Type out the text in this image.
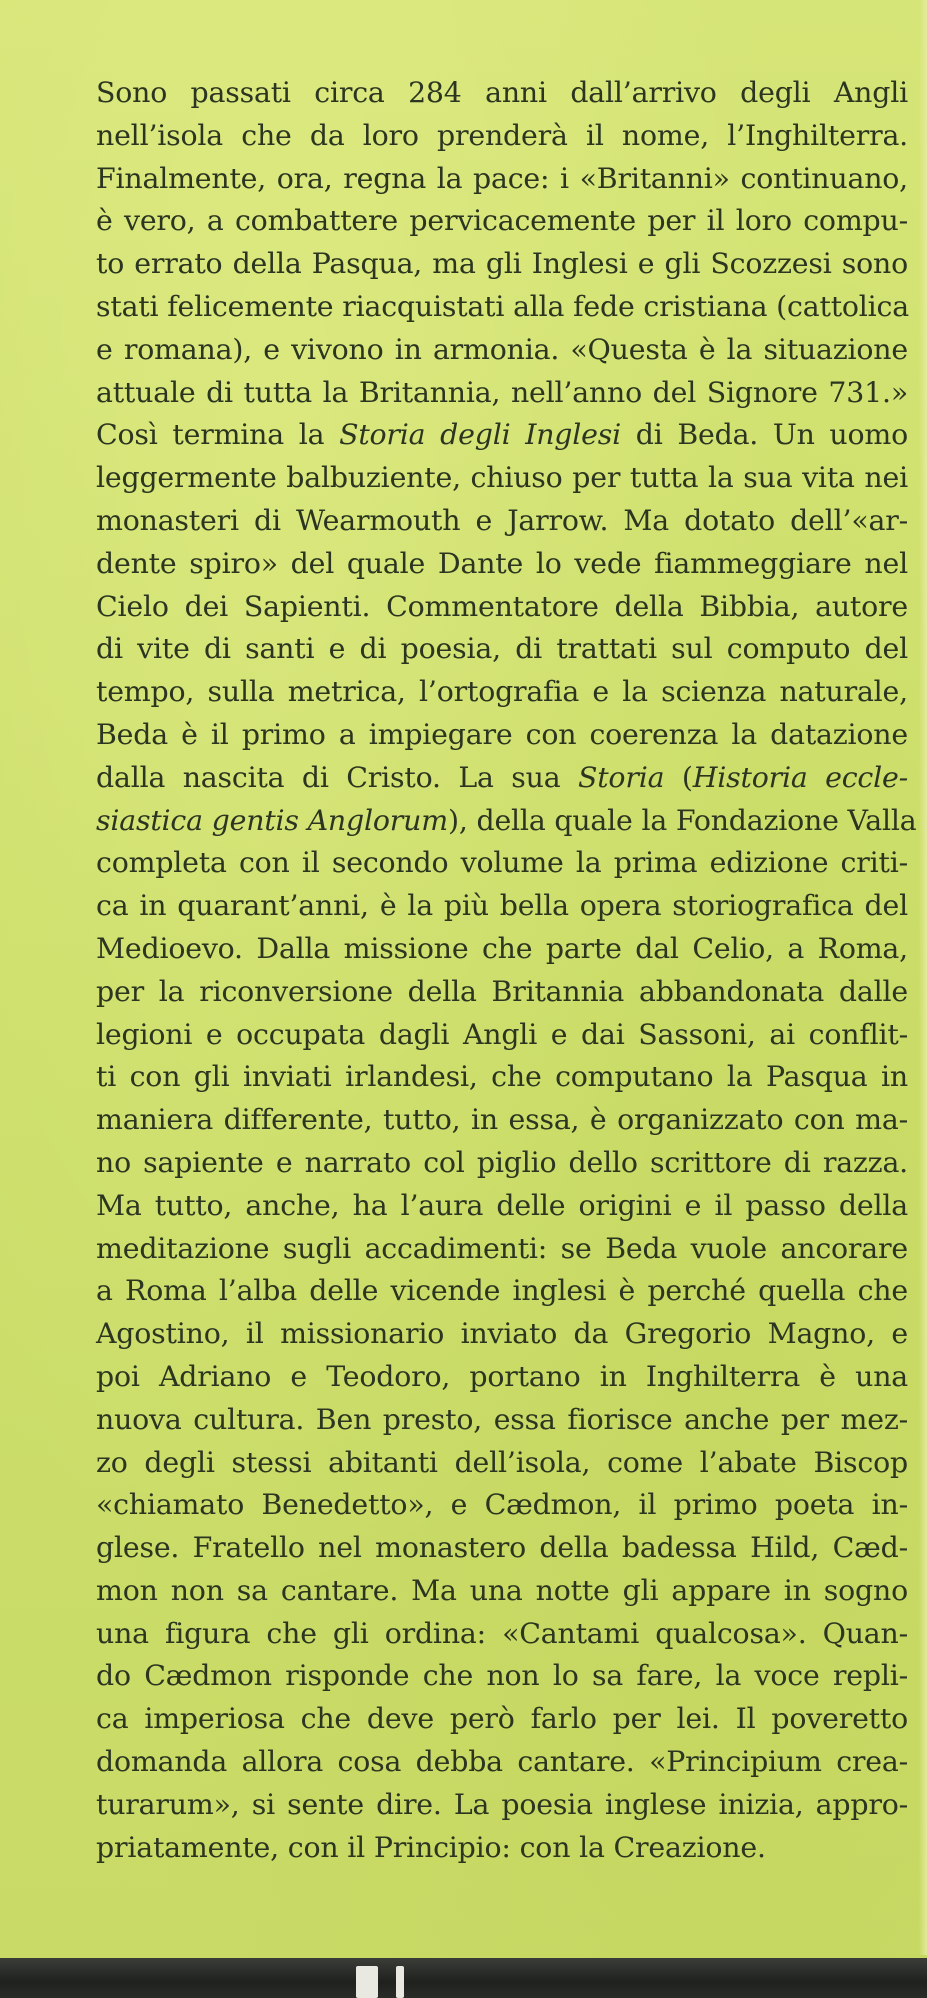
Sono passati circa 284 anni dall’arrivo degli Angli
nell’isola che da loro prenderà il nome, l’Inghilterra.
Finalmente, ora, regna la pace: i «Britanni» continuano,
è vero, a combattere pervicacemente per il loro compu-
to errato della Pasqua, ma gli Inglesi e gli Scozzesi sono
stati felicemente riacquistati alla fede cristiana (cattolica
e romana), e vivono in armonia. «Questa è la situazione
attuale di tutta la Britannia, nell’anno del Signore 731.»
Così termina la Storia degli Inglesi di Beda. Un uomo
leggermente balbuziente, chiuso per tutta la sua vita nei
monasteri di Wearmouth e Jarrow. Ma dotato dell’«ar-
dente spiro» del quale Dante lo vede fiammeggiare nel
Cielo dei Sapienti. Commentatore della Bibbia, autore
di vite di santi e di poesia, di trattati sul computo del
tempo, sulla metrica, l’ortografia e la scienza naturale,
Beda è il primo a impiegare con coerenza la datazione
dalla nascita di Cristo. La sua Storia (Historia eccle-
siastica gentis Anglorum), della quale la Fondazione Valla
completa con il secondo volume la prima edizione criti-
ca in quarant’anni, è la più bella opera storiografica del
Medioevo. Dalla missione che parte dal Celio, a Roma,
per la riconversione della Britannia abbandonata dalle
legioni e occupata dagli Angli e dai Sassoni, ai conflit-
ti con gli inviati irlandesi, che computano la Pasqua in
maniera differente, tutto, in essa, è organizzato con ma-
no sapiente e narrato col piglio dello scrittore di razza.
Ma tutto, anche, ha l’aura delle origini e il passo della
meditazione sugli accadimenti: se Beda vuole ancorare
a Roma l’alba delle vicende inglesi è perché quella che
Agostino, il missionario inviato da Gregorio Magno, e
poi Adriano e Teodoro, portano in Inghilterra è una
nuova cultura. Ben presto, essa fiorisce anche per mez-
zo degli stessi abitanti dell’isola, come l’abate Biscop
«chiamato Benedetto», e Cædmon, il primo poeta in-
glese. Fratello nel monastero della badessa Hild, Cæd-
mon non sa cantare. Ma una notte gli appare in sogno
una figura che gli ordina: «Cantami qualcosa». Quan-
do Cædmon risponde che non lo sa fare, la voce repli-
ca imperiosa che deve però farlo per lei. Il poveretto
domanda allora cosa debba cantare. «Principium crea-
turarum», si sente dire. La poesia inglese inizia, appro-
priatamente, con il Principio: con la Creazione.
